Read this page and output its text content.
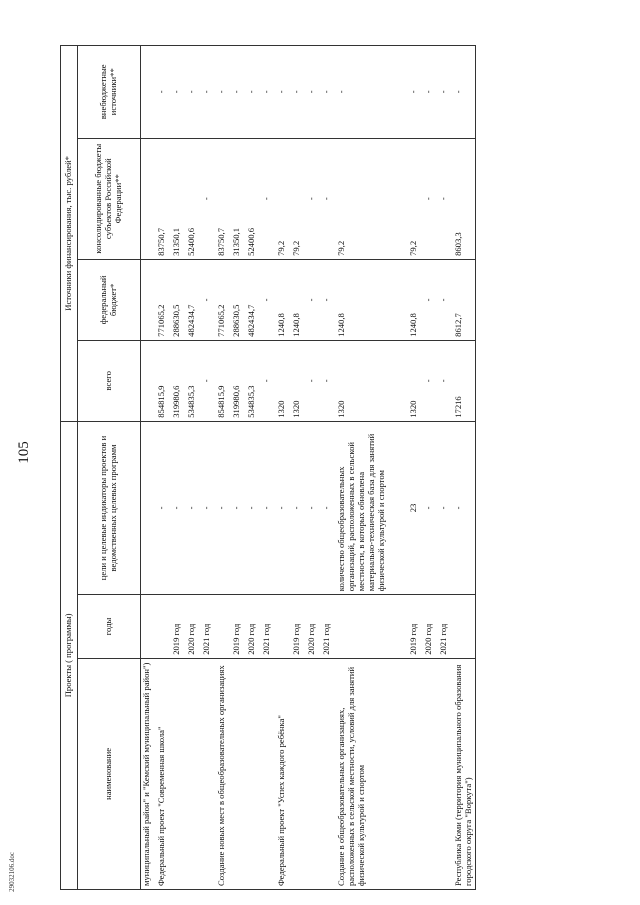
105
29032106.doc
Проекты ( программы)			Источники финансирования, тыс. рублей*			
наименование	годы	цели и целевые индикаторы проектов и ведомственных целевых программ	всего	федеральный бюджет*	консолидированные бюджеты субъектов Российской Федерации**	внебюджетные источники**
муниципальный район" и "Кемский муниципальный район")						
Федеральный проект "Современная школа"		-	854815,9	771065,2	83750,7	-
	2019 год	-	319980,6	288630,5	31350,1	-
	2020 год	-	534835,3	482434,7	52400,6	-
	2021 год	-	-	-	-	-
Создание новых мест в общеобразовательных организациях		-	854815,9	771065,2	83750,7	-
	2019 год	-	319980,6	288630,5	31350,1	-
	2020 год	-	534835,3	482434,7	52400,6	-
	2021 год	-	-	-	-	-
Федеральный проект "Успех каждого ребёнка"		-	1320	1240,8	79,2	-
	2019 год	-	1320	1240,8	79,2	-
	2020 год	-	-	-	-	-
	2021 год	-	-	-	-	-
Создание в общеобразовательных организациях, расположенных в сельской местности, условий для занятий физической культурой и спортом		количество общеобразовательных организаций, расположенных в сельской местности, в которых обновлена материально-техническая база для занятий физической культурой и спортом	1320	1240,8	79,2	-
	2019 год	23	1320	1240,8	79,2	-
	2020 год	-	-	-	-	-
	2021 год	-	-	-	-	-
Республика Коми (территория муниципального образования городского округа "Воркута")		-	17216	8612,7	8603,3	-
